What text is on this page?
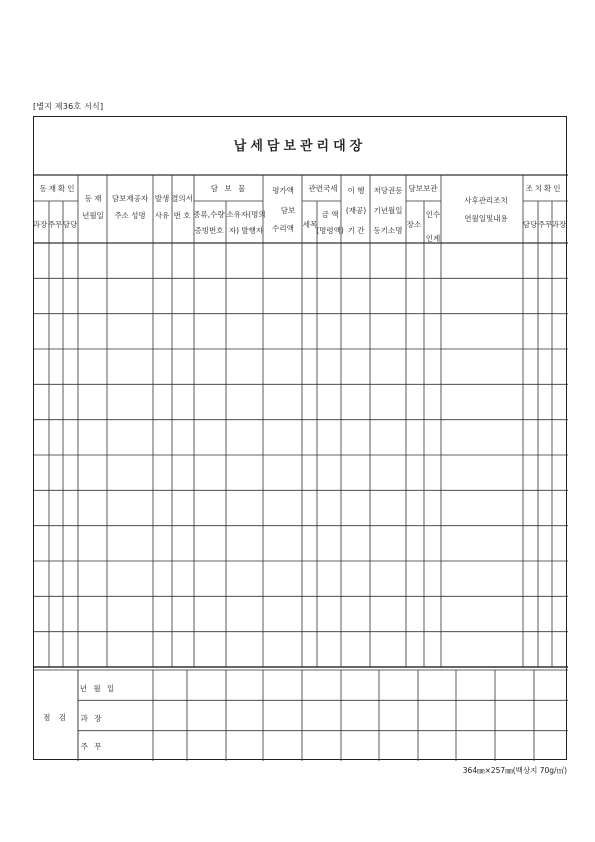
[별지 제36호 서식]
납세담보관리대장
동재확인
등 재
년월일
담보제공자
주소 성명
발생
사유
결의서
번 호
담 보 물
종류,수량
증빙번호
소유자(명의
자) 발행자
평가액
담보
수리액
관련국세
세목
금 액
(명령액)
이 행
(재공)
기 간
저당권등
기년월일
동기소명
담보보관
장소
인수
인계
사후관리조치
연월일및내용
조치확인
과장 주무 담당	담당 주무 과장
점 검
년 월 일
과 장
주 무
364㎜×257㎜(백상지 70g/㎡)
